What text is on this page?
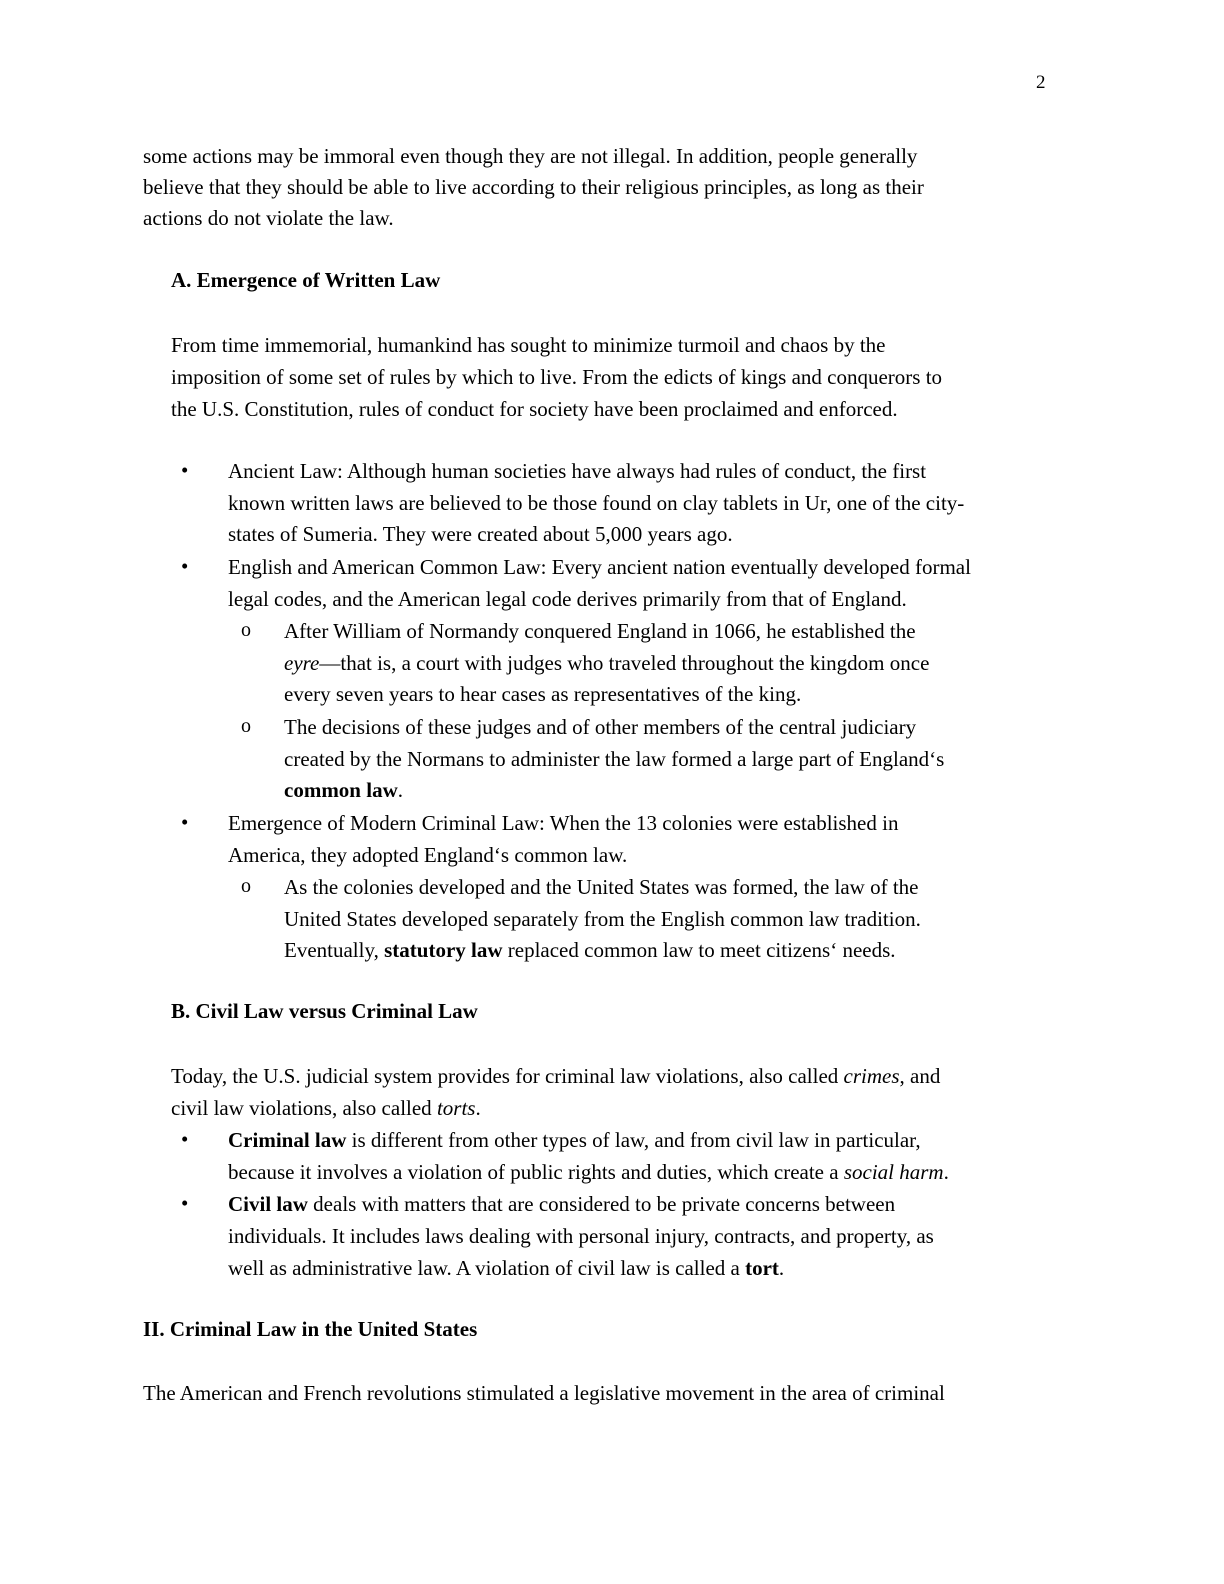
2
some actions may be immoral even though they are not illegal. In addition, people generally
believe that they should be able to live according to their religious principles, as long as their
actions do not violate the law.
A. Emergence of Written Law
From time immemorial, humankind has sought to minimize turmoil and chaos by the
imposition of some set of rules by which to live. From the edicts of kings and conquerors to
the U.S. Constitution, rules of conduct for society have been proclaimed and enforced.
• Ancient Law: Although human societies have always had rules of conduct, the first
known written laws are believed to be those found on clay tablets in Ur, one of the city-
states of Sumeria. They were created about 5,000 years ago.
• English and American Common Law: Every ancient nation eventually developed formal
legal codes, and the American legal code derives primarily from that of England.
o After William of Normandy conquered England in 1066, he established the
eyre—that is, a court with judges who traveled throughout the kingdom once
every seven years to hear cases as representatives of the king.
o The decisions of these judges and of other members of the central judiciary
created by the Normans to administer the law formed a large part of England‘s
common law.
• Emergence of Modern Criminal Law: When the 13 colonies were established in
America, they adopted England‘s common law.
o As the colonies developed and the United States was formed, the law of the
United States developed separately from the English common law tradition.
Eventually, statutory law replaced common law to meet citizens‘ needs.
B. Civil Law versus Criminal Law
Today, the U.S. judicial system provides for criminal law violations, also called crimes, and
civil law violations, also called torts.
• Criminal law is different from other types of law, and from civil law in particular,
because it involves a violation of public rights and duties, which create a social harm.
• Civil law deals with matters that are considered to be private concerns between
individuals. It includes laws dealing with personal injury, contracts, and property, as
well as administrative law. A violation of civil law is called a tort.
II. Criminal Law in the United States
The American and French revolutions stimulated a legislative movement in the area of criminal
